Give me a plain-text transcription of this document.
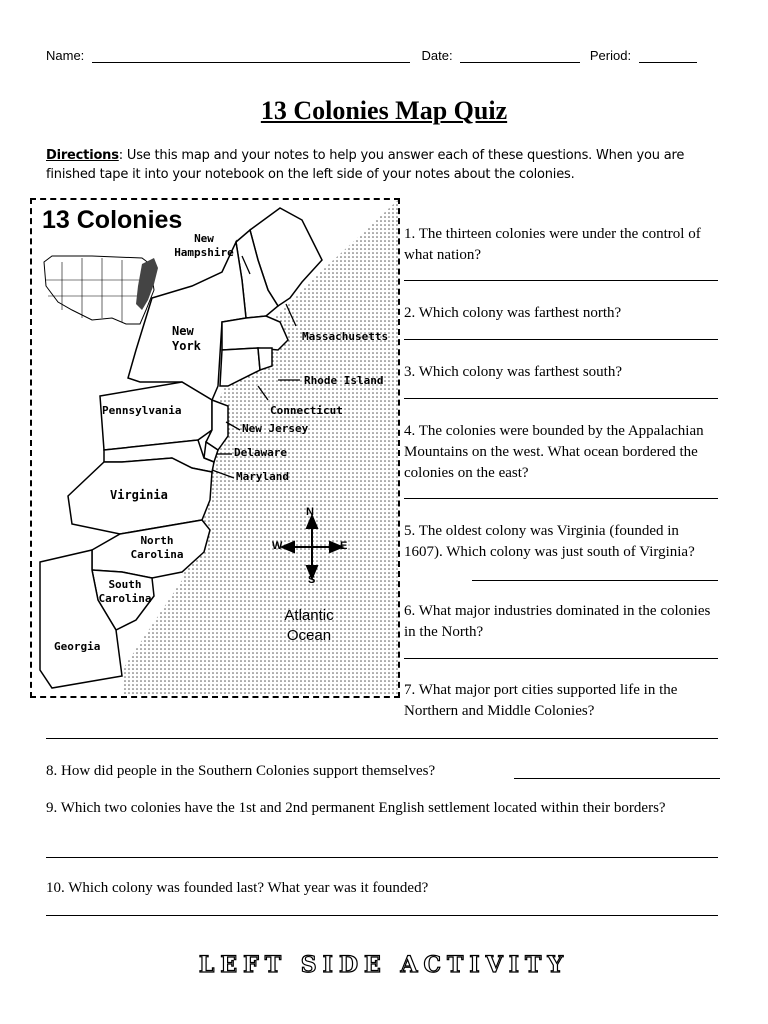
Name:	Date:	Period:
13 Colonies Map Quiz
Directions: Use this map and your notes to help you answer each of these questions. When you are finished tape it into your notebook on the left side of your notes about the colonies.
13 Colonies
New Hampshire
New York
Massachusetts
Rhode Island
Connecticut
Pennsylvania
New Jersey
Delaware
Maryland
Virginia
North Carolina
South Carolina
Georgia
Atlantic Ocean
N
S
W	E
1. The thirteen colonies were under the control of what nation?
2. Which colony was farthest north?
3. Which colony was farthest south?
4. The colonies were bounded by the Appalachian Mountains on the west. What ocean bordered the colonies on the east?
5. The oldest colony was Virginia (founded in 1607). Which colony was just south of Virginia?
6. What major industries dominated in the colonies in the North?
7. What major port cities supported life in the Northern and Middle Colonies?
8. How did people in the Southern Colonies support themselves?
9. Which two colonies have the 1st and 2nd permanent English settlement located within their borders?
10. Which colony was founded last? What year was it founded?
LEFT SIDE ACTIVITY
